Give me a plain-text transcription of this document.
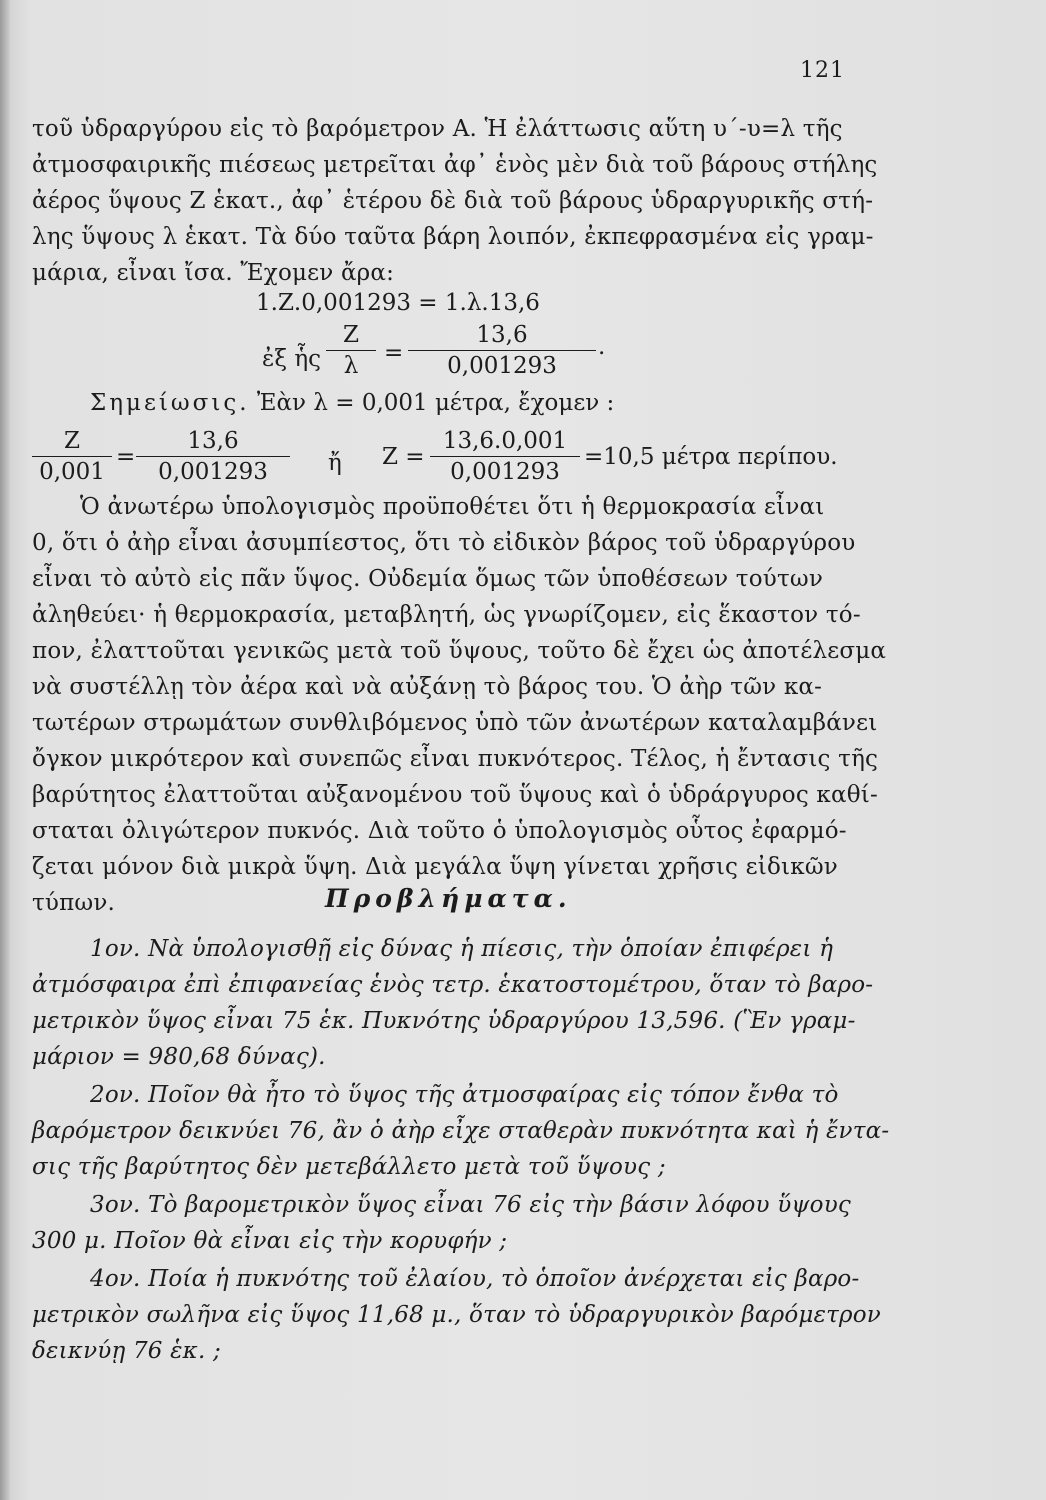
121
τοῦ ὑδραργύρου εἰς τὸ βαρόμετρον Α. Ἡ ἐλάττωσις αὕτη υ΄-υ=λ τῆς
ἀτμοσφαιρικῆς πιέσεως μετρεῖται ἀφ᾽ ἑνὸς μὲν διὰ τοῦ βάρους στήλης
ἀέρος ὕψους Ζ ἑκατ., ἀφ᾽ ἑτέρου δὲ διὰ τοῦ βάρους ὑδραργυρικῆς στή-
λης ὕψους λ ἑκατ. Τὰ δύο ταῦτα βάρη λοιπόν, ἐκπεφρασμένα εἰς γραμ-
μάρια, εἶναι ἴσα. Ἔχομεν ἄρα:
1.Ζ.0,001293 = 1.λ.13,6
ἐξ ἧς $\frac{Z}{\lambda} = \frac{13,6}{0,001293}$ .
Σημείωσις. Ἐὰν λ = 0,001 μέτρα, ἔχομεν :
$\frac{Z}{0,001} = \frac{13,6}{0,001293}$ ἤ $Z = \frac{13,6.0,001}{0,001293} =10,5$ μέτρα περίπου.
Ὁ ἀνωτέρω ὑπολογισμὸς προϋποθέτει ὅτι ἡ θερμοκρασία εἶναι
0, ὅτι ὁ ἀὴρ εἶναι ἀσυμπίεστος, ὅτι τὸ εἰδικὸν βάρος τοῦ ὑδραργύρου
εἶναι τὸ αὐτὸ εἰς πᾶν ὕψος. Οὐδεμία ὅμως τῶν ὑποθέσεων τούτων
ἀληθεύει· ἡ θερμοκρασία, μεταβλητή, ὡς γνωρίζομεν, εἰς ἕκαστον τό-
πον, ἐλαττοῦται γενικῶς μετὰ τοῦ ὕψους, τοῦτο δὲ ἔχει ὡς ἀποτέλεσμα
νὰ συστέλλῃ τὸν ἀέρα καὶ νὰ αὐξάνῃ τὸ βάρος του. Ὁ ἀὴρ τῶν κα-
τωτέρων στρωμάτων συνθλιβόμενος ὑπὸ τῶν ἀνωτέρων καταλαμβάνει
ὄγκον μικρότερον καὶ συνεπῶς εἶναι πυκνότερος. Τέλος, ἡ ἔντασις τῆς
βαρύτητος ἐλαττοῦται αὐξανομένου τοῦ ὕψους καὶ ὁ ὑδράργυρος καθί-
σταται ὀλιγώτερον πυκνός. Διὰ τοῦτο ὁ ὑπολογισμὸς οὗτος ἐφαρμό-
ζεται μόνον διὰ μικρὰ ὕψη. Διὰ μεγάλα ὕψη γίνεται χρῆσις εἰδικῶν
τύπων.	Προβλήματα.
1ον. Νὰ ὑπολογισθῇ εἰς δύνας ἡ πίεσις, τὴν ὁποίαν ἐπιφέρει ἡ
ἀτμόσφαιρα ἐπὶ ἐπιφανείας ἑνὸς τετρ. ἑκατοστομέτρου, ὅταν τὸ βαρο-
μετρικὸν ὕψος εἶναι 75 ἑκ. Πυκνότης ὑδραργύρου 13,596. (Ἓν γραμ-
μάριον = 980,68 δύνας).
2ον. Ποῖον θὰ ἦτο τὸ ὕψος τῆς ἀτμοσφαίρας εἰς τόπον ἔνθα τὸ
βαρόμετρον δεικνύει 76, ἂν ὁ ἀὴρ εἶχε σταθερὰν πυκνότητα καὶ ἡ ἔντα-
σις τῆς βαρύτητος δὲν μετεβάλλετο μετὰ τοῦ ὕψους ;
3ον. Τὸ βαρομετρικὸν ὕψος εἶναι 76 εἰς τὴν βάσιν λόφου ὕψους
300 μ. Ποῖον θὰ εἶναι εἰς τὴν κορυφήν ;
4ον. Ποία ἡ πυκνότης τοῦ ἐλαίου, τὸ ὁποῖον ἀνέρχεται εἰς βαρο-
μετρικὸν σωλῆνα εἰς ὕψος 11,68 μ., ὅταν τὸ ὑδραργυρικὸν βαρόμετρον
δεικνύῃ 76 ἑκ. ;
